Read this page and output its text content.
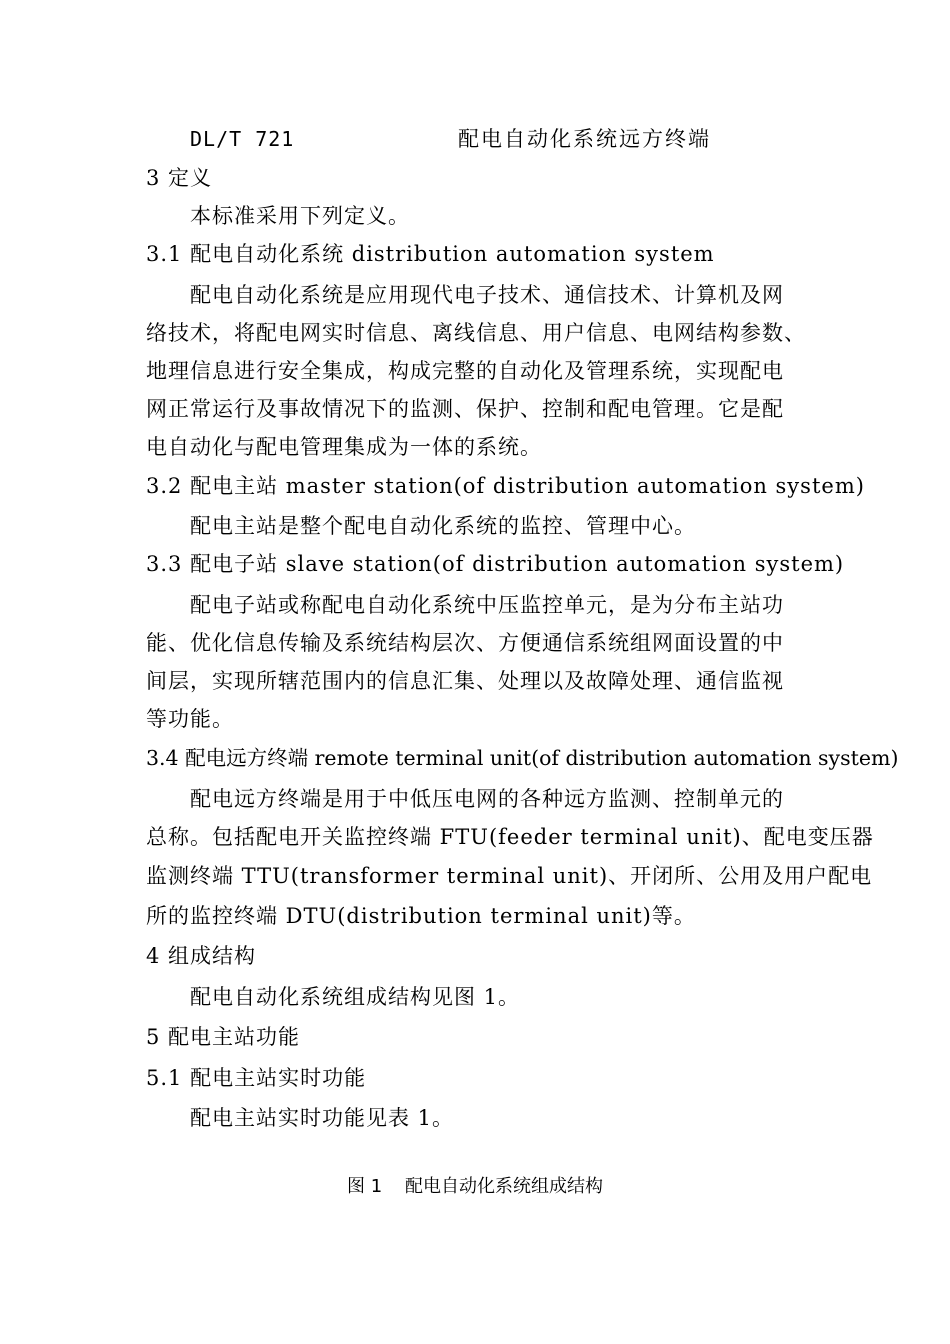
DL/T 721	配电自动化系统远方终端
3 定义
本标准采用下列定义。
3.1 配电自动化系统 distribution automation system
配电自动化系统是应用现代电子技术、通信技术、计算机及网
络技术，将配电网实时信息、离线信息、用户信息、电网结构参数、
地理信息进行安全集成，构成完整的自动化及管理系统，实现配电
网正常运行及事故情况下的监测、保护、控制和配电管理。它是配
电自动化与配电管理集成为一体的系统。
3.2 配电主站 master station(of distribution automation system)
配电主站是整个配电自动化系统的监控、管理中心。
3.3 配电子站 slave station(of distribution automation system)
配电子站或称配电自动化系统中压监控单元，是为分布主站功
能、优化信息传输及系统结构层次、方便通信系统组网面设置的中
间层，实现所辖范围内的信息汇集、处理以及故障处理、通信监视
等功能。
3.4 配电远方终端 remote terminal unit(of distribution automation system)
配电远方终端是用于中低压电网的各种远方监测、控制单元的
总称。包括配电开关监控终端 FTU(feeder terminal unit)、配电变压器
监测终端 TTU(transformer terminal unit)、开闭所、公用及用户配电
所的监控终端 DTU(distribution terminal unit)等。
4 组成结构
配电自动化系统组成结构见图 1。
5 配电主站功能
5.1 配电主站实时功能
配电主站实时功能见表 1。
图 1    配电自动化系统组成结构
